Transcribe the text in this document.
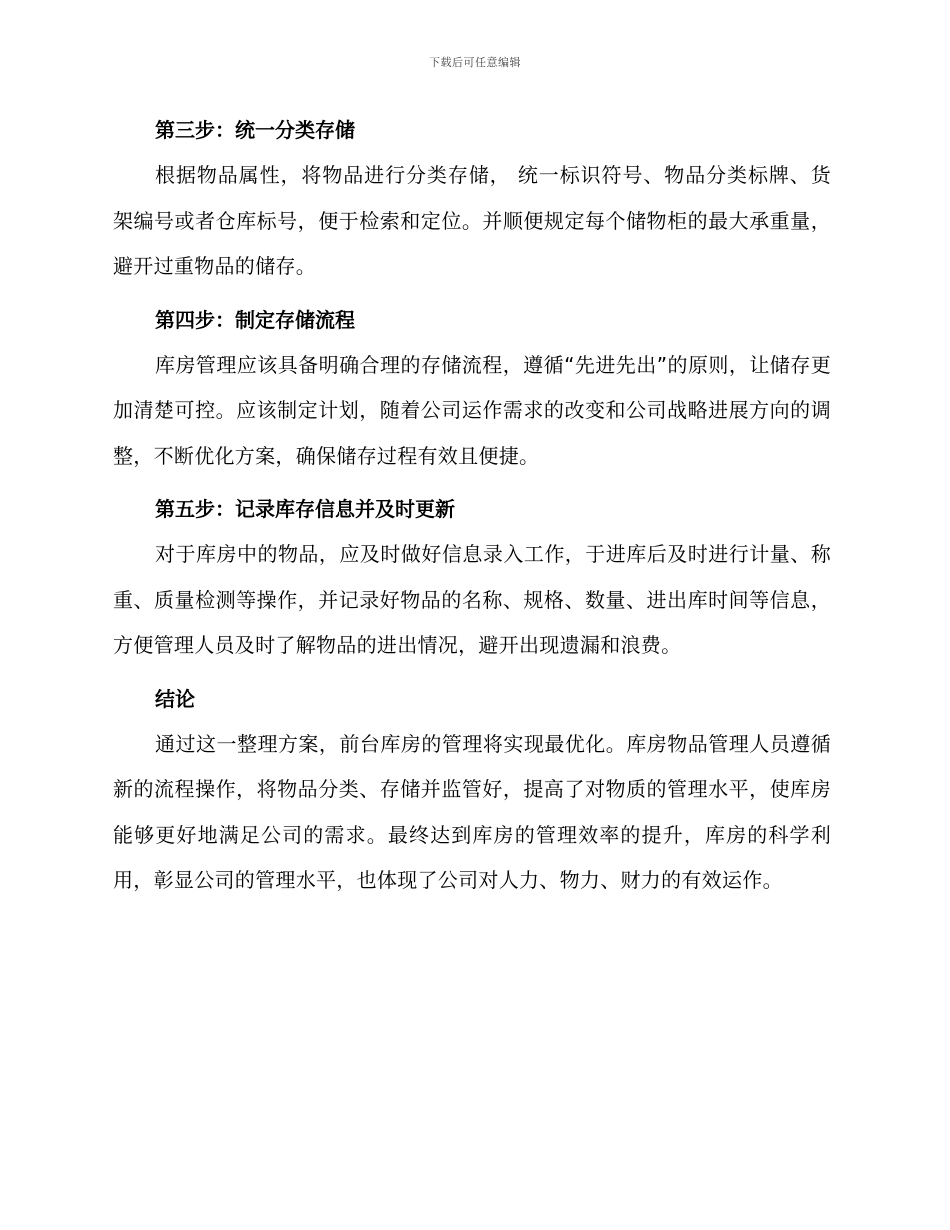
下载后可任意编辑
第三步：统一分类存储

根据物品属性，将物品进行分类存储， 统一标识符号、物品分类标牌、货架编号或者仓库标号，便于检索和定位。并顺便规定每个储物柜的最大承重量，避开过重物品的储存。

第四步：制定存储流程

库房管理应该具备明确合理的存储流程，遵循“先进先出”的原则，让储存更加清楚可控。应该制定计划，随着公司运作需求的改变和公司战略进展方向的调整，不断优化方案，确保储存过程有效且便捷。

第五步：记录库存信息并及时更新

对于库房中的物品，应及时做好信息录入工作，于进库后及时进行计量、称重、质量检测等操作，并记录好物品的名称、规格、数量、进出库时间等信息，方便管理人员及时了解物品的进出情况，避开出现遗漏和浪费。

结论

通过这一整理方案，前台库房的管理将实现最优化。库房物品管理人员遵循新的流程操作，将物品分类、存储并监管好，提高了对物质的管理水平，使库房能够更好地满足公司的需求。最终达到库房的管理效率的提升，库房的科学利用，彰显公司的管理水平，也体现了公司对人力、物力、财力的有效运作。
